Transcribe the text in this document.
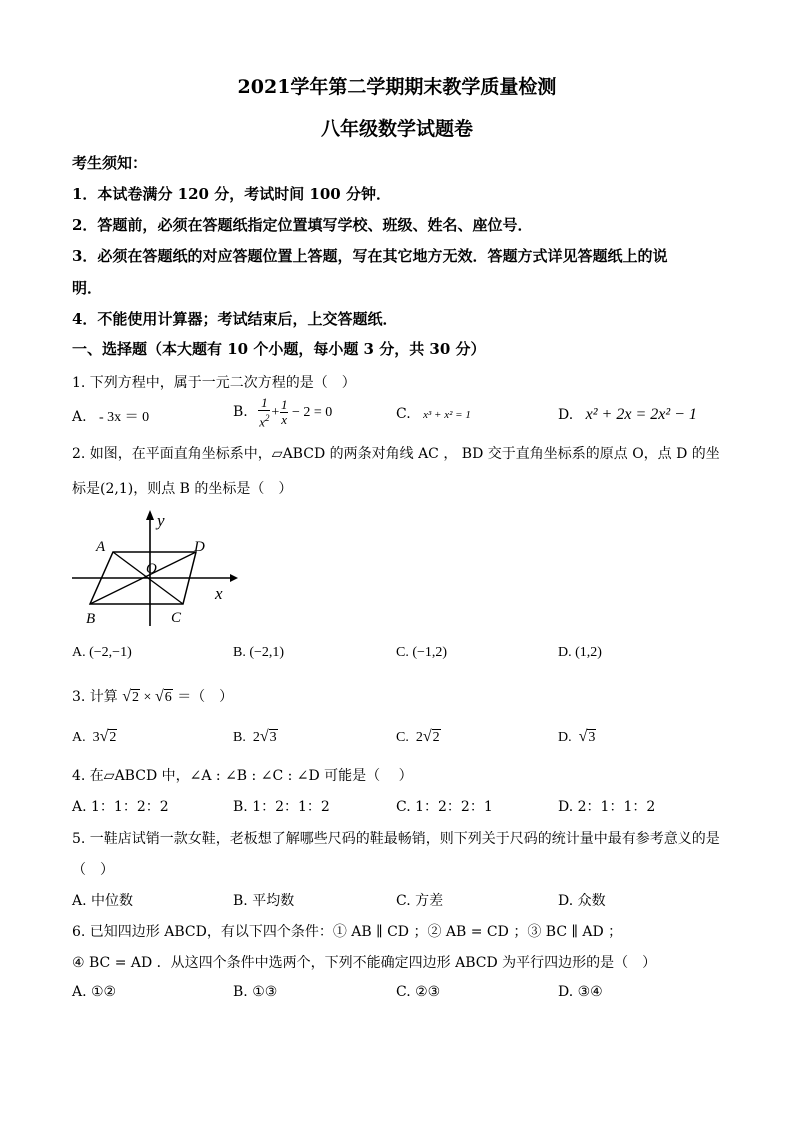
2021学年第二学期期末教学质量检测
八年级数学试题卷
考生须知：
1．本试卷满分 120 分，考试时间 100 分钟．
2．答题前，必须在答题纸指定位置填写学校、班级、姓名、座位号．
3．必须在答题纸的对应答题位置上答题，写在其它地方无效．答题方式详见答题纸上的说
明．
4．不能使用计算器；考试结束后，上交答题纸．
一、选择题（本大题有 10 个小题，每小题 3 分，共 30 分）
1. 下列方程中，属于一元二次方程的是（　）
A. - 3x ＝ 0	B. $\frac{1}{x^2} + \frac{1}{x} - 2 = 0$	C. x³ + x² = 1	D. x² + 2x = 2x² − 1
2. 如图，在平面直角坐标系中，▱ABCD 的两条对角线 AC ， BD 交于直角坐标系的原点 O，点 D 的坐
标是(2,1)，则点 B 的坐标是（　）
y
x
A	D
O
B	C
A. (−2,−1)	B. (−2,1)	C. (−1,2)	D. (1,2)
3. 计算 √2 × √6 ＝（　）
A. 3√2	B. 2√3	C. 2√2	D. √3
4. 在▱ABCD 中，∠A : ∠B : ∠C : ∠D 可能是（　 ）
A. 1：1：2：2	B. 1：2：1：2	C. 1：2：2：1	D. 2：1：1：2
5. 一鞋店试销一款女鞋，老板想了解哪些尺码的鞋最畅销，则下列关于尺码的统计量中最有参考意义的是
（　）
A. 中位数	B. 平均数	C. 方差	D. 众数
6. 已知四边形 ABCD，有以下四个条件：① AB ∥ CD ；② AB = CD ；③ BC ∥ AD ；
④ BC = AD ．从这四个条件中选两个，下列不能确定四边形 ABCD 为平行四边形的是（　）
A. ①②	B. ①③	C. ②③	D. ③④
